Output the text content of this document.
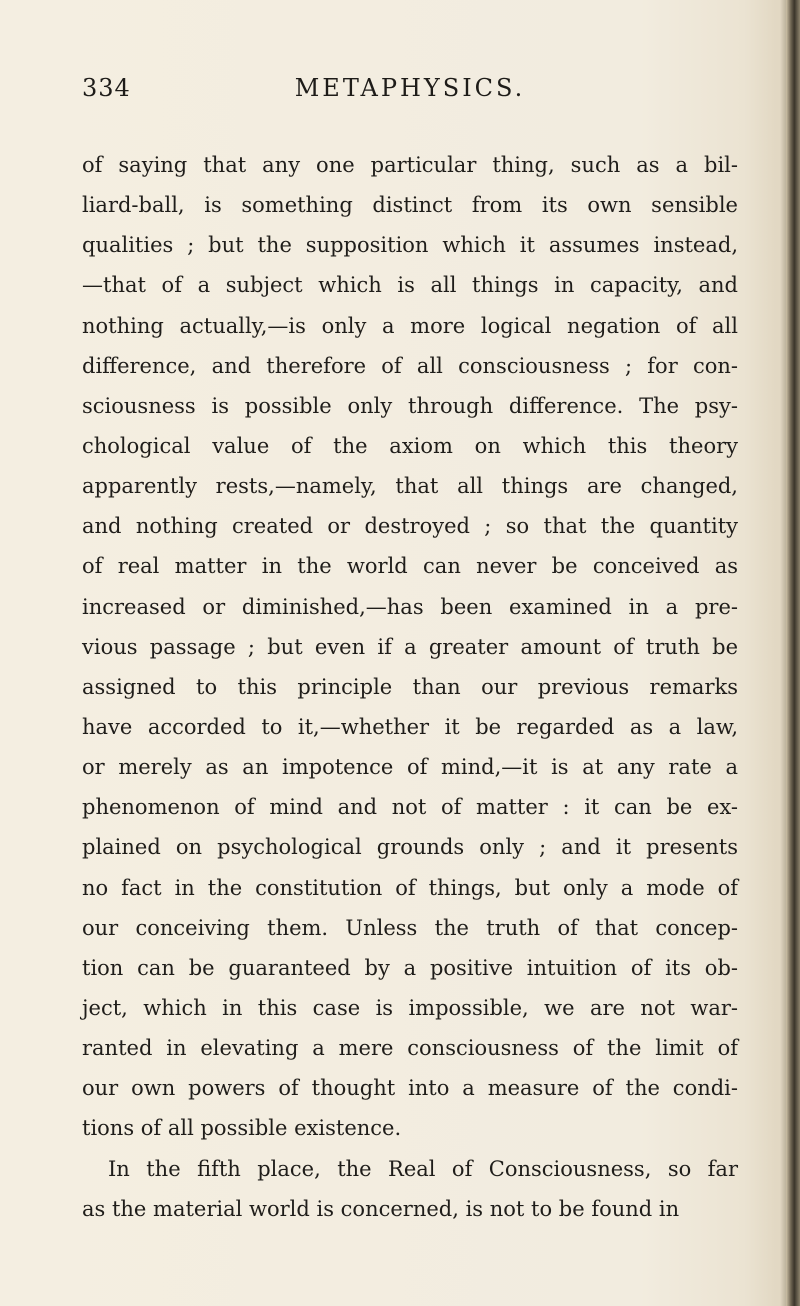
334	METAPHYSICS.
of saying that any one particular thing, such as a bil-
liard-ball, is something distinct from its own sensible
qualities ; but the supposition which it assumes instead,
—that of a subject which is all things in capacity, and
nothing actually,—is only a more logical negation of all
difference, and therefore of all consciousness ; for con-
sciousness is possible only through difference. The psy-
chological value of the axiom on which this theory
apparently rests,—namely, that all things are changed,
and nothing created or destroyed ; so that the quantity
of real matter in the world can never be conceived as
increased or diminished,—has been examined in a pre-
vious passage ; but even if a greater amount of truth be
assigned to this principle than our previous remarks
have accorded to it,—whether it be regarded as a law,
or merely as an impotence of mind,—it is at any rate a
phenomenon of mind and not of matter : it can be ex-
plained on psychological grounds only ; and it presents
no fact in the constitution of things, but only a mode of
our conceiving them. Unless the truth of that concep-
tion can be guaranteed by a positive intuition of its ob-
ject, which in this case is impossible, we are not war-
ranted in elevating a mere consciousness of the limit of
our own powers of thought into a measure of the condi-
tions of all possible existence.
In the fifth place, the Real of Consciousness, so far
as the material world is concerned, is not to be found in
